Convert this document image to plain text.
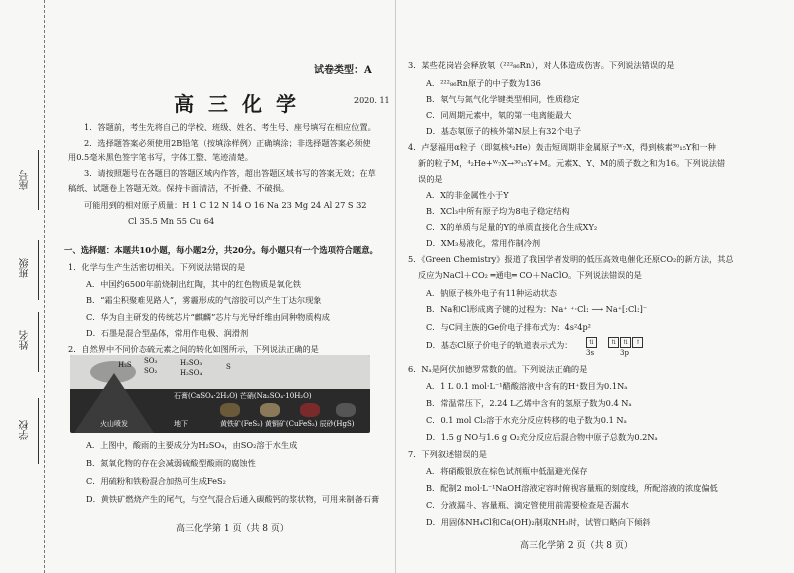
座号
班级
姓名
学校
试卷类型：A
高三化学	2020. 11
1．答题前，考生先将自己的学校、班级、姓名、考生号、座号填写在相应位置。
2．选择题答案必须使用2B铅笔（按填涂样例）正确填涂；非选择题答案必须使
用0.5毫米黑色签字笔书写，字体工整、笔迹清楚。
3．请按照题号在各题目的答题区域内作答，超出答题区域书写的答案无效；在草
稿纸、试题卷上答题无效。保持卡面清洁，不折叠、不破损。
可能用到的相对原子质量：H 1 C 12 N 14 O 16 Na 23 Mg 24 Al 27 S 32
Cl 35.5 Mn 55 Cu 64
一、选择题：本题共10小题，每小题2分，共20分。每小题只有一个选项符合题意。
1．化学与生产生活密切相关。下列说法错误的是
A．中国约6500年前烧制出红陶，其中的红色物质是氧化铁
B．“霜尘积聚难见路人”，雾霾形成的气溶胶可以产生丁达尔现象
C．华为自主研发的传统芯片“麒麟”芯片与光导纤维由同种物质构成
D．石墨是混合型晶体，常用作电极、润滑剂
2．自然界中不同价态硫元素之间的转化如图所示，下列说法正确的是
H₂S SO₃
SO₂
H₂SO₃
H₂SO₄
S
石膏(CaSO₄·2H₂O) 芒硝(Na₂SO₄·10H₂O)
黄铁矿(FeS₂) 黄铜矿(CuFeS₂) 辰砂(HgS)
火山喷发	地下
A．上图中，酸雨的主要成分为H₂SO₄，由SO₂溶于水生成
B．氮氧化物的存在会减弱硫酸型酸雨的腐蚀性
C．用硫粉和铁粉混合加热可生成FeS₂
D．黄铁矿燃烧产生的尾气，与空气混合后通入碳酸钙的浆状物，可用来制备石膏
高三化学第 1 页（共 8 页）
3．某些花岗岩会释放氡（²²²₈₆Rn），对人体造成伤害。下列说法错误的是
A．²²²₈₆Rn原子的中子数为136
B．氡气与氮气化学键类型相同，性质稳定
C．同周期元素中，氡的第一电离能最大
D．基态氡原子的核外第N层上有32个电子
4．卢瑟福用α粒子（即氦核⁴₂He）轰击短周期非金属原子ᵂ₇X，得到核素³⁰₁₅Y和一种
新的粒子M，⁴₂He+ᵂ₇X→³⁰₁₅Y+M。元素X、Y、M的质子数之和为16。下列说法错
误的是
A．X的非金属性小于Y
B．XCl₃中所有原子均为8电子稳定结构
C．X的单质与足量的Y的单质直接化合生成XY₂
D．XM₃易液化，常用作制冷剂
5．《Green Chemistry》报道了我国学者发明的低压高效电催化还原CO₂的新方法，其总
反应为NaCl＋CO₂ ═通电═ CO＋NaClO。下列说法错误的是
A．钠原子核外电子有11种运动状态
B．Na和Cl形成离子键的过程为：Na⁺ ⁺·Cl: ⟶ Na⁺[:Cl:]⁻
C．与C同主族的Ge价电子排布式为：4s²4p²
D．基态Cl原子价电子的轨道表示式为：	⇅	⇅ ⇅ ↑
3s	3p
6．Nₐ是阿伏加德罗常数的值。下列说法正确的是
A．1 L 0.1 mol·L⁻¹醋酸溶液中含有的H⁺数目为0.1Nₐ
B．常温常压下，2.24 L乙烯中含有的氢原子数为0.4 Nₐ
C．0.1 mol Cl₂溶于水充分反应转移的电子数为0.1 Nₐ
D．1.5 g NO与1.6 g O₂充分反应后混合物中原子总数为0.2Nₐ
7．下列叙述错误的是
A．将硝酸银放在棕色试剂瓶中低温避光保存
B．配制2 mol·L⁻¹NaOH溶液定容时俯视容量瓶的刻度线，所配溶液的浓度偏低
C．分液漏斗、容量瓶、滴定管使用前需要检查是否漏水
D．用固体NH₄Cl和Ca(OH)₂制取NH₃时，试管口略向下倾斜
高三化学第 2 页（共 8 页）
